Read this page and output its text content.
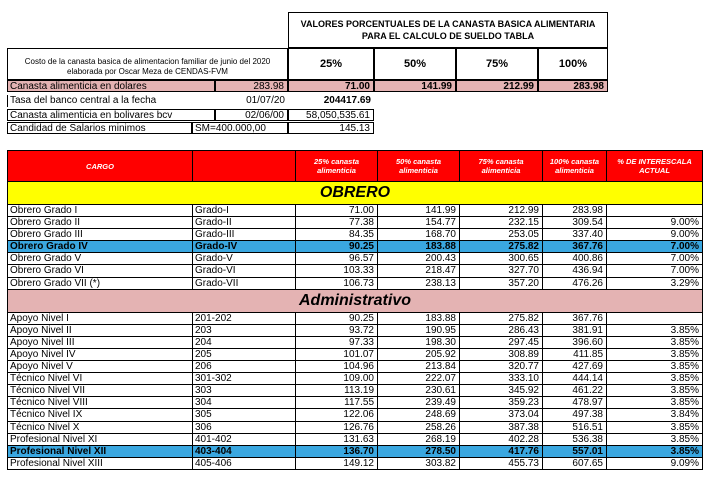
VALORES PORCENTUALES DE LA CANASTA BASICA ALIMENTARIA
PARA EL CALCULO DE SUELDO TABLA
Costo de la canasta basica de alimentacion familiar de junio del 2020 elaborada por Oscar Meza de CENDAS-FVM
25%	50%	75%	100%
Canasta alimenticia en dolares	283.98	71.00	141.99	212.99	283.98
Tasa del banco central a la fecha	01/07/20	204417.69
Canasta alimenticia en bolivares bcv	02/06/00	58,050,535.61
Candidad de Salarios minimos	SM=400.000,00	145.13
CARGO		25% canasta alimenticia	50% canasta alimenticia	75% canasta alimenticia	100% canasta alimenticia	% DE INTERESCALA ACTUAL
OBRERO						
Obrero Grado I	Grado-I	71.00	141.99	212.99	283.98	
Obrero Grado II	Grado-II	77.38	154.77	232.15	309.54	9.00%
Obrero Grado III	Grado-III	84.35	168.70	253.05	337.40	9.00%
Obrero Grado IV	Grado-IV	90.25	183.88	275.82	367.76	7.00%
Obrero Grado V	Grado-V	96.57	200.43	300.65	400.86	7.00%
Obrero Grado VI	Grado-VI	103.33	218.47	327.70	436.94	7.00%
Obrero Grado VII (*)	Grado-VII	106.73	238.13	357.20	476.26	3.29%
Administrativo						
Apoyo Nivel I	201-202	90.25	183.88	275.82	367.76	
Apoyo Nivel II	203	93.72	190.95	286.43	381.91	3.85%
Apoyo Nivel III	204	97.33	198.30	297.45	396.60	3.85%
Apoyo Nivel IV	205	101.07	205.92	308.89	411.85	3.85%
Apoyo Nivel V	206	104.96	213.84	320.77	427.69	3.85%
Técnico Nivel VI	301-302	109.00	222.07	333.10	444.14	3.85%
Técnico Nivel VII	303	113.19	230.61	345.92	461.22	3.85%
Técnico Nivel VIII	304	117.55	239.49	359.23	478.97	3.85%
Técnico Nivel IX	305	122.06	248.69	373.04	497.38	3.84%
Técnico Nivel X	306	126.76	258.26	387.38	516.51	3.85%
Profesional Nivel XI	401-402	131.63	268.19	402.28	536.38	3.85%
Profesional Nivel XII	403-404	136.70	278.50	417.76	557.01	3.85%
Profesional Nivel XIII	405-406	149.12	303.82	455.73	607.65	9.09%
